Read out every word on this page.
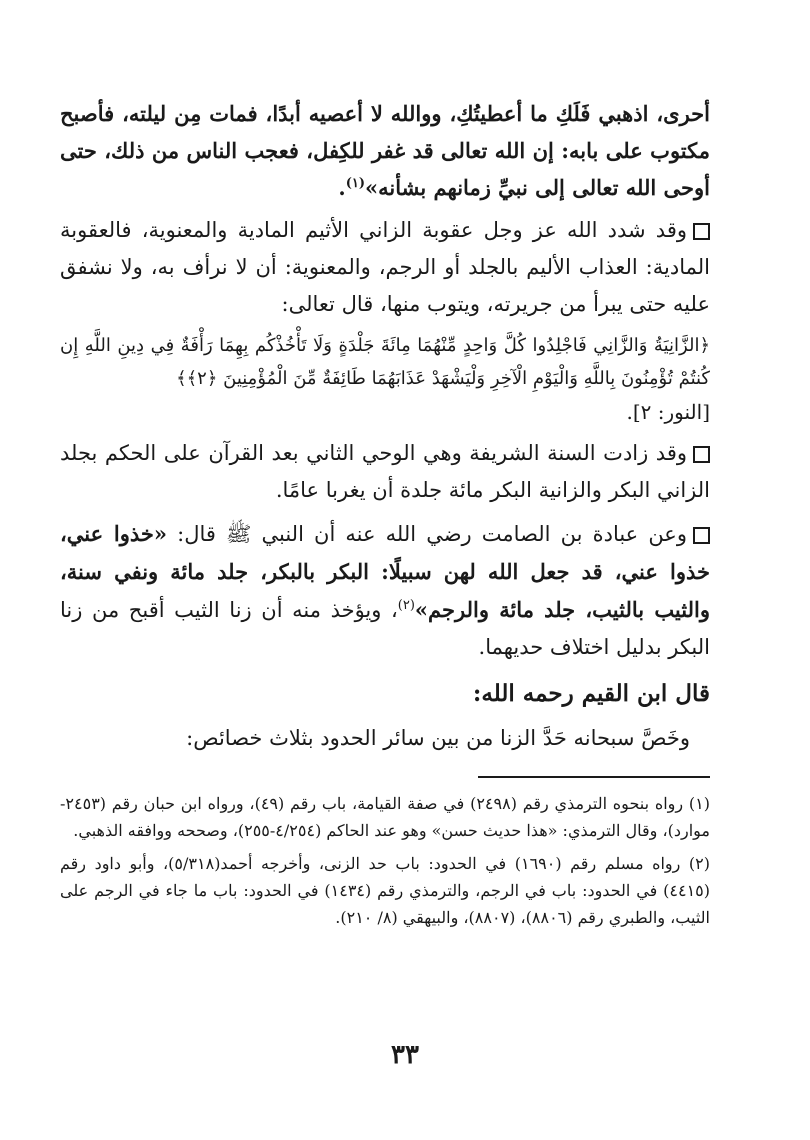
أحرى، اذهبي فَلَكِ ما أعطيتُكِ، ووالله لا أعصيه أبدًا، فمات مِن ليلته، فأصبح مكتوب على بابه: إن الله تعالى قد غفر للكِفل، فعجب الناس من ذلك، حتى أوحى الله تعالى إلى نبيِّ زمانهم بشأنه»$^{(١)}$.

وقد شدد الله عز وجل عقوبة الزاني الأثيم المادية والمعنوية، فالعقوبة المادية: العذاب الأليم بالجلد أو الرجم، والمعنوية: أن لا نرأف به، ولا نشفق عليه حتى يبرأ من جريرته، ويتوب منها، قال تعالى:

﴿الزَّانِيَةُ وَالزَّانِي فَاجْلِدُوا كُلَّ وَاحِدٍ مِّنْهُمَا مِائَةَ جَلْدَةٍ وَلَا تَأْخُذْكُم بِهِمَا رَأْفَةٌ فِي دِينِ اللَّهِ إِن كُنتُمْ تُؤْمِنُونَ بِاللَّهِ وَالْيَوْمِ الْآخِرِ وَلْيَشْهَدْ عَذَابَهُمَا طَائِفَةٌ مِّنَ الْمُؤْمِنِينَ ﴿٢﴾﴾

[النور: ٢].

وقد زادت السنة الشريفة وهي الوحي الثاني بعد القرآن على الحكم بجلد الزاني البكر والزانية البكر مائة جلدة أن يغربا عامًا.

وعن عبادة بن الصامت رضي الله عنه أن النبي ﷺ قال: «خذوا عني، خذوا عني، قد جعل الله لهن سبيلًا: البكر بالبكر، جلد مائة ونفي سنة، والثيب بالثيب، جلد مائة والرجم»$^{(٢)}$، ويؤخذ منه أن زنا الثيب أقبح من زنا البكر بدليل اختلاف حديهما.

قال ابن القيم رحمه الله:

وخَصَّ سبحانه حَدَّ الزنا من بين سائر الحدود بثلاث خصائص:

(١) رواه بنحوه الترمذي رقم (٢٤٩٨) في صفة القيامة، باب رقم (٤٩)، ورواه ابن حبان رقم (٢٤٥٣- موارد)، وقال الترمذي: «هذا حديث حسن» وهو عند الحاكم (٤/٢٥٤-٢٥٥)، وصححه ووافقه الذهبي.

(٢) رواه مسلم رقم (١٦٩٠) في الحدود: باب حد الزنى، وأخرجه أحمد(٥/٣١٨)، وأبو داود رقم (٤٤١٥) في الحدود: باب في الرجم، والترمذي رقم (١٤٣٤) في الحدود: باب ما جاء في الرجم على الثيب، والطبري رقم (٨٨٠٦)، (٨٨٠٧)، والبيهقي (٨/ ٢١٠).

٣٣
